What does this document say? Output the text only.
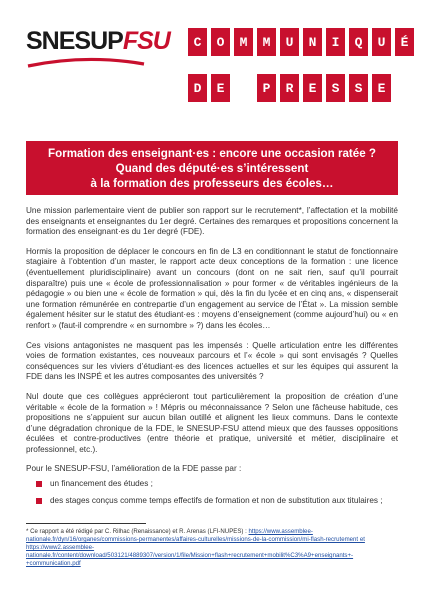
SNESUPFSU	C	O	M	M	U	N	I	Q	U	É
D	E	P	R	E	S	S	E
Formation des enseignant·es : encore une occasion ratée ?
Quand des député·es s’intéressent
à la formation des professeurs des écoles…

Une mission parlementaire vient de publier son rapport sur le recrutement*, l’affectation et la mobilité des enseignants et enseignantes du 1er degré. Certaines des remarques et propositions concernent la formation des enseignant·es du 1er degré (FDE).

Hormis la proposition de déplacer le concours en fin de L3 en conditionnant le statut de fonctionnaire stagiaire à l’obtention d’un master, le rapport acte deux conceptions de la formation : une licence (éventuellement pluridisciplinaire) avant un concours (dont on ne sait rien, sauf qu’il pourrait disparaître) puis une « école de professionnalisation » pour former « de véritables ingénieurs de la pédagogie » ou bien une « école de formation » qui, dès la fin du lycée et en cinq ans, « dispenserait une formation rémunérée en contrepartie d’un engagement au service de l’État ». La mission semble également hésiter sur le statut des étudiant·es : moyens d’enseignement (comme aujourd’hui) ou « en renfort » (faut-il comprendre « en surnombre » ?) dans les écoles…

Ces visions antagonistes ne masquent pas les impensés : Quelle articulation entre les différentes voies de formation existantes, ces nouveaux parcours et l’« école » qui sont envisagés ? Quelles conséquences sur les viviers d’étudiant·es des licences actuelles et sur les équipes qui assurent la FDE dans les INSPÉ et les autres composantes des universités ?

Nul doute que ces collègues apprécieront tout particulièrement la proposition de création d’une véritable « école de la formation » ! Mépris ou méconnaissance ? Selon une fâcheuse habitude, ces propositions ne s’appuient sur aucun bilan outillé et alignent les lieux communs. Dans le contexte d’une dégradation chronique de la FDE, le SNESUP-FSU attend mieux que des fausses oppositions éculées et contre-productives (entre théorie et pratique, université et métier, disciplinaire et professionnel, etc.).

Pour le SNESUP-FSU, l’amélioration de la FDE passe par :

un financement des études ;
des stages conçus comme temps effectifs de formation et non de substitution aux titulaires ;
* Ce rapport a été rédigé par C. Rilhac (Renaissance) et R. Arenas (LFI-NUPES) : https://www.assemblee-nationale.fr/dyn/16/organes/commissions-permanentes/affaires-culturelles/missions-de-la-commission/mi-flash-recrutement et https://www2.assemblee-nationale.fr/content/download/503121/4889307/version/1/file/Mission+flash+recrutement+mobilit%C3%A9+enseignants+-+communication.pdf
